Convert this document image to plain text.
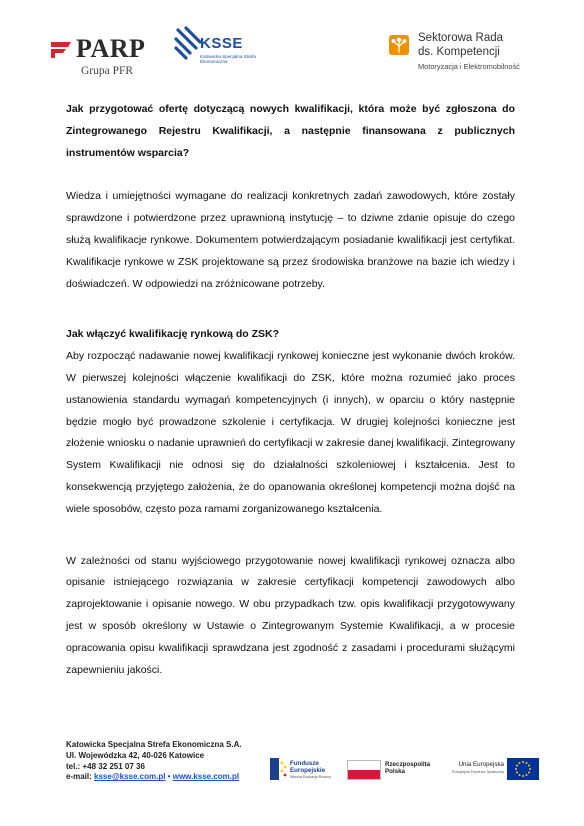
PARP
Grupa PFR
KSSE
Katowicka Specjalna Strefa Ekonomiczna
Sektorowa Rada
ds. Kompetencji
Motoryzacja i Elektromobilność

Jak przygotować ofertę dotyczącą nowych kwalifikacji, która może być zgłoszona do Zintegrowanego Rejestru Kwalifikacji, a następnie finansowana z publicznych instrumentów wsparcia?

Wiedza i umiejętności wymagane do realizacji konkretnych zadań zawodowych, które zostały sprawdzone i potwierdzone przez uprawnioną instytucję – to dziwne zdanie opisuje do czego służą kwalifikacje rynkowe. Dokumentem potwierdzającym posiadanie kwalifikacji jest certyfikat. Kwalifikacje rynkowe w ZSK projektowane są przez środowiska branżowe na bazie ich wiedzy i doświadczeń. W odpowiedzi na zróżnicowane potrzeby.

Jak włączyć kwalifikację rynkową do ZSK?

Aby rozpocząć nadawanie nowej kwalifikacji rynkowej konieczne jest wykonanie dwóch kroków. W pierwszej kolejności włączenie kwalifikacji do ZSK, które można rozumieć jako proces ustanowienia standardu wymagań kompetencyjnych (i innych), w oparciu o który następnie będzie mogło być prowadzone szkolenie i certyfikacja. W drugiej kolejności konieczne jest złożenie wniosku o nadanie uprawnień do certyfikacji w zakresie danej kwalifikacji. Zintegrowany System Kwalifikacji nie odnosi się do działalności szkoleniowej i kształcenia. Jest to konsekwencją przyjętego założenia, że do opanowania określonej kompetencji można dojść na wiele sposobów, często poza ramami zorganizowanego kształcenia.

W zależności od stanu wyjściowego przygotowanie nowej kwalifikacji rynkowej oznacza albo opisanie istniejącego rozwiązania w zakresie certyfikacji kompetencji zawodowych albo zaprojektowanie i opisanie nowego. W obu przypadkach tzw. opis kwalifikacji przygotowywany jest w sposób określony w Ustawie o Zintegrowanym Systemie Kwalifikacji, a w procesie opracowania opisu kwalifikacji sprawdzana jest zgodność z zasadami i procedurami służącymi zapewnieniu jakości.

Katowicka Specjalna Strefa Ekonomiczna S.A.
Ul. Wojewódzka 42, 40-026 Katowice
tel.: +48 32 251 07 36
e-mail: ksse@ksse.com.pl • www.ksse.com.pl
Fundusze
Europejskie
Wiedza Edukacja Rozwój
Rzeczpospolita
Polska
Unia Europejska
Europejski Fundusz Społeczny
